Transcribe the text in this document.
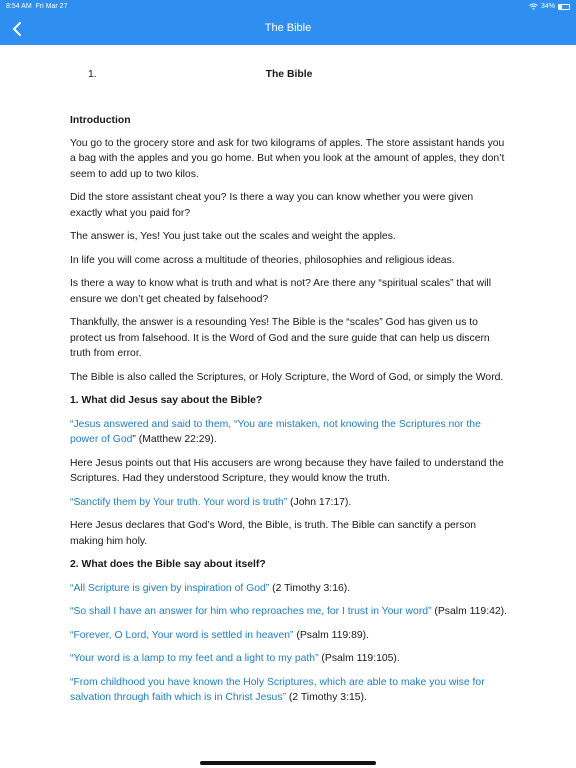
8:54 AM Fri Mar 27	34%
The Bible
1.	The Bible
Introduction

You go to the grocery store and ask for two kilograms of apples. The store assistant hands you a bag with the apples and you go home. But when you look at the amount of apples, they don’t seem to add up to two kilos.

Did the store assistant cheat you? Is there a way you can know whether you were given exactly what you paid for?

The answer is, Yes! You just take out the scales and weight the apples.

In life you will come across a multitude of theories, philosophies and religious ideas.

Is there a way to know what is truth and what is not? Are there any “spiritual scales” that will ensure we don’t get cheated by falsehood?

Thankfully, the answer is a resounding Yes! The Bible is the “scales” God has given us to protect us from falsehood. It is the Word of God and the sure guide that can help us discern truth from error.

The Bible is also called the Scriptures, or Holy Scripture, the Word of God, or simply the Word.

1. What did Jesus say about the Bible?

“Jesus answered and said to them, “You are mistaken, not knowing the Scriptures nor the power of God” (Matthew 22:29).

Here Jesus points out that His accusers are wrong because they have failed to understand the Scriptures. Had they understood Scripture, they would know the truth.

“Sanctify them by Your truth. Your word is truth” (John 17:17).

Here Jesus declares that God’s Word, the Bible, is truth. The Bible can sanctify a person making him holy.

2. What does the Bible say about itself?

“All Scripture is given by inspiration of God” (2 Timothy 3:16).

“So shall I have an answer for him who reproaches me, for I trust in Your word” (Psalm 119:42).

“Forever, O Lord, Your word is settled in heaven” (Psalm 119:89).

“Your word is a lamp to my feet and a light to my path” (Psalm 119:105).

“From childhood you have known the Holy Scriptures, which are able to make you wise for salvation through faith which is in Christ Jesus” (2 Timothy 3:15).
